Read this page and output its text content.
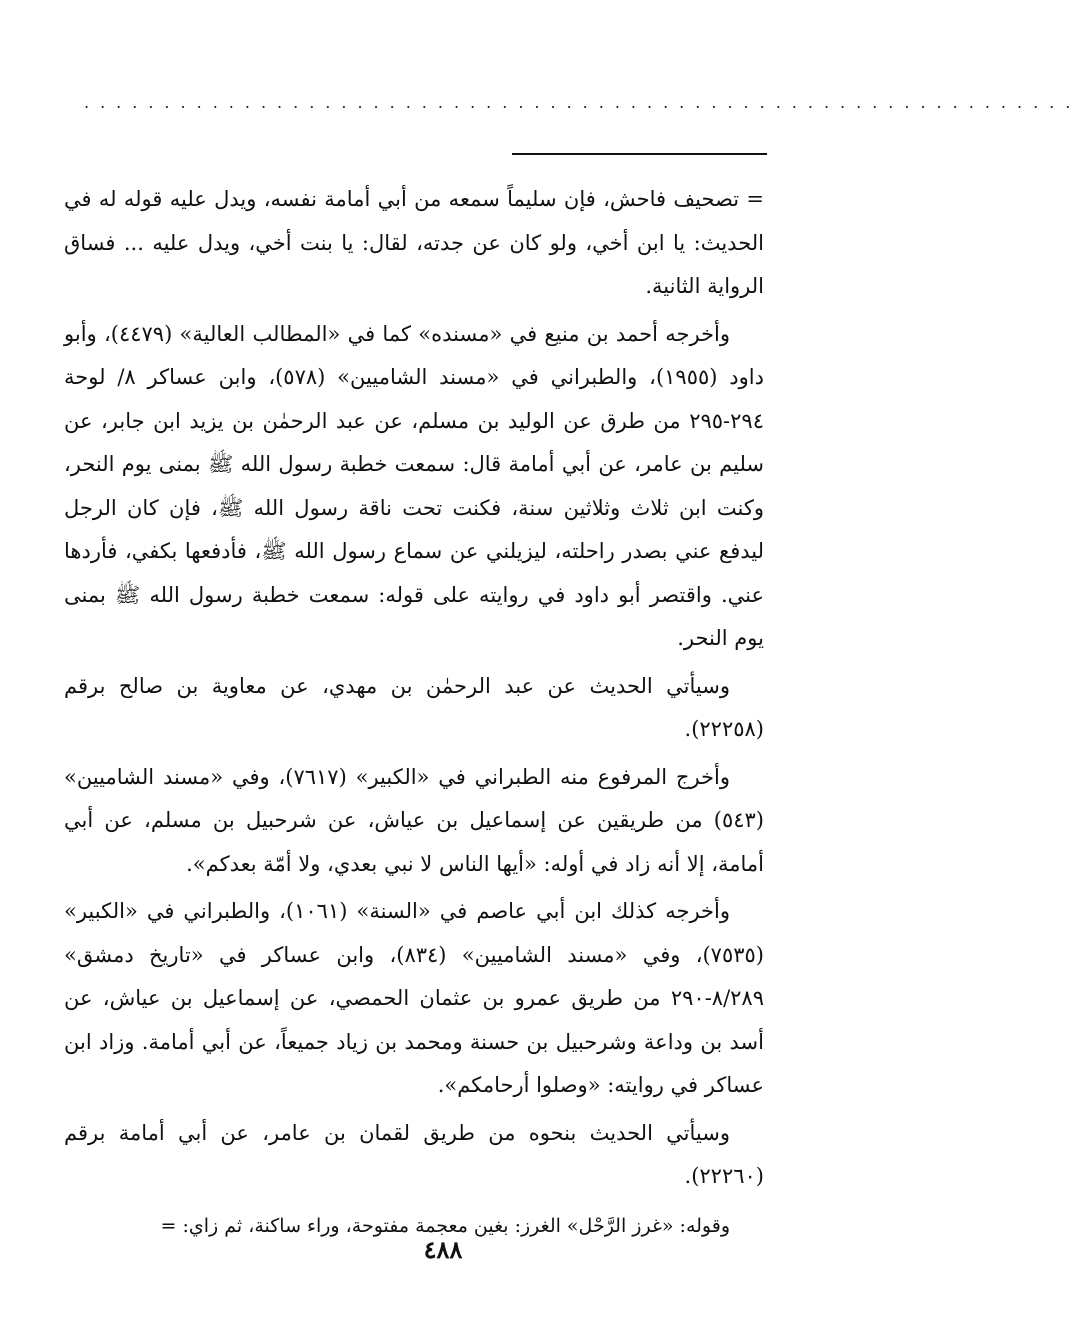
..............................................................

= تصحيف فاحش، فإن سليماً سمعه من أبي أمامة نفسه، ويدل عليه قوله له في الحديث: يا ابن أخي، ولو كان عن جدته، لقال: يا بنت أخي، ويدل عليه ... فساق الرواية الثانية.

وأخرجه أحمد بن منيع في «مسنده» كما في «المطالب العالية» (٤٤٧٩)، وأبو داود (١٩٥٥)، والطبراني في «مسند الشاميين» (٥٧٨)، وابن عساكر ٨/ لوحة ٢٩٤-٢٩٥ من طرق عن الوليد بن مسلم، عن عبد الرحمٰن بن يزيد ابن جابر، عن سليم بن عامر، عن أبي أمامة قال: سمعت خطبة رسول الله ﷺ بمنى يوم النحر، وكنت ابن ثلاث وثلاثين سنة، فكنت تحت ناقة رسول الله ﷺ، فإن كان الرجل ليدفع عني بصدر راحلته، ليزيلني عن سماع رسول الله ﷺ، فأدفعها بكفي، فأردها عني. واقتصر أبو داود في روايته على قوله: سمعت خطبة رسول الله ﷺ بمنى يوم النحر.

وسيأتي الحديث عن عبد الرحمٰن بن مهدي، عن معاوية بن صالح برقم (٢٢٢٥٨).

وأخرج المرفوع منه الطبراني في «الكبير» (٧٦١٧)، وفي «مسند الشاميين» (٥٤٣) من طريقين عن إسماعيل بن عياش، عن شرحبيل بن مسلم، عن أبي أمامة، إلا أنه زاد في أوله: «أيها الناس لا نبي بعدي، ولا أمّة بعدكم».

وأخرجه كذلك ابن أبي عاصم في «السنة» (١٠٦١)، والطبراني في «الكبير» (٧٥٣٥)، وفي «مسند الشاميين» (٨٣٤)، وابن عساكر في «تاريخ دمشق» ٨/٢٨٩-٢٩٠ من طريق عمرو بن عثمان الحمصي، عن إسماعيل بن عياش، عن أسد بن وداعة وشرحبيل بن حسنة ومحمد بن زياد جميعاً، عن أبي أمامة. وزاد ابن عساكر في روايته: «وصلوا أرحامكم».

وسيأتي الحديث بنحوه من طريق لقمان بن عامر، عن أبي أمامة برقم (٢٢٢٦٠).

وقوله: «غرز الرَّحْل» الغرز: بغين معجمة مفتوحة، وراء ساكنة، ثم زاي: =

٤٨٨
